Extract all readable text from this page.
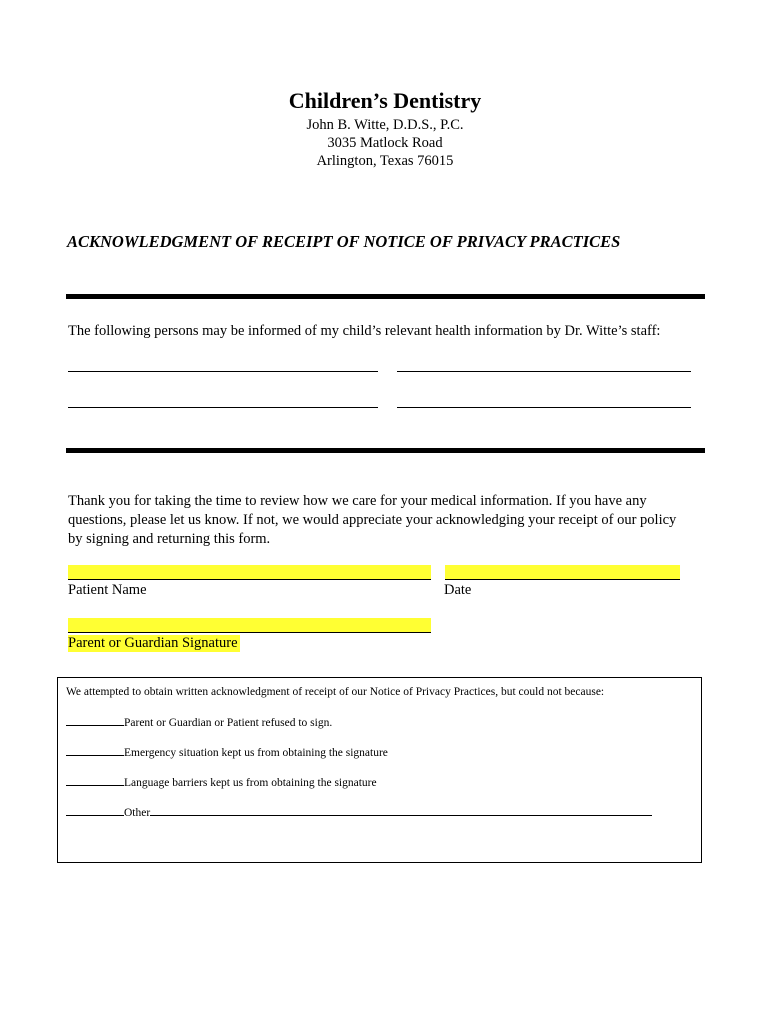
Children’s Dentistry
John B. Witte, D.D.S., P.C.
3035 Matlock Road
Arlington, Texas 76015
ACKNOWLEDGMENT OF RECEIPT OF NOTICE OF PRIVACY PRACTICES
The following persons may be informed of my child’s relevant health information by Dr. Witte’s staff:
Thank you for taking the time to review how we care for your medical information. If you have any questions, please let us know. If not, we would appreciate your acknowledging your receipt of our policy by signing and returning this form.
Patient Name	Date
Parent or Guardian Signature
We attempted to obtain written acknowledgment of receipt of our Notice of Privacy Practices, but could not because:
Parent or Guardian or Patient refused to sign.
Emergency situation kept us from obtaining the signature
Language barriers kept us from obtaining the signature
Other
